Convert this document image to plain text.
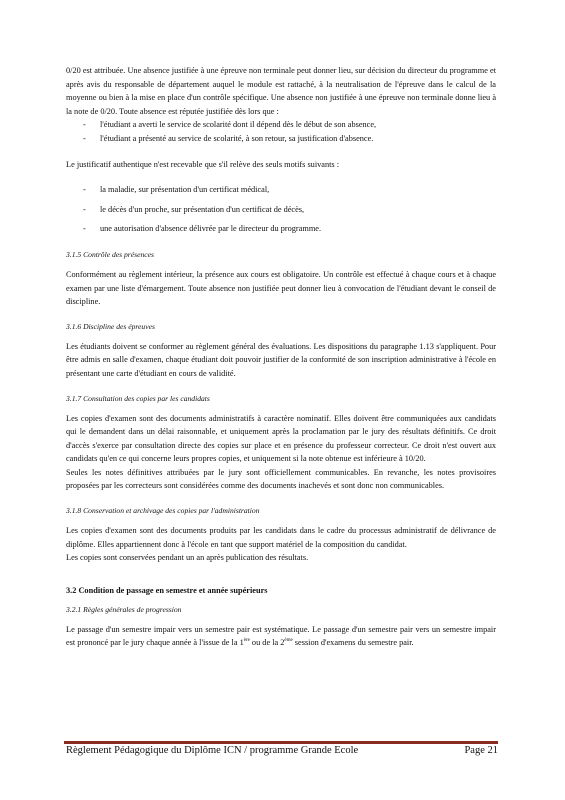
0/20 est attribuée. Une absence justifiée à une épreuve non terminale peut donner lieu, sur décision du directeur du programme et après avis du responsable de département auquel le module est rattaché, à la neutralisation de l'épreuve dans le calcul de la moyenne ou bien à la mise en place d'un contrôle spécifique. Une absence non justifiée à une épreuve non terminale donne lieu à la note de 0/20. Toute absence est réputée justifiée dès lors que :

- l'étudiant a averti le service de scolarité dont il dépend dès le début de son absence,
- l'étudiant a présenté au service de scolarité, à son retour, sa justification d'absence.

Le justificatif authentique n'est recevable que s'il relève des seuls motifs suivants :

- la maladie, sur présentation d'un certificat médical,
- le décès d'un proche, sur présentation d'un certificat de décès,
- une autorisation d'absence délivrée par le directeur du programme.
3.1.5 Contrôle des présences

Conformément au règlement intérieur, la présence aux cours est obligatoire. Un contrôle est effectué à chaque cours et à chaque examen par une liste d'émargement. Toute absence non justifiée peut donner lieu à convocation de l'étudiant devant le conseil de discipline.

3.1.6 Discipline des épreuves

Les étudiants doivent se conformer au règlement général des évaluations. Les dispositions du paragraphe 1.13 s'appliquent. Pour être admis en salle d'examen, chaque étudiant doit pouvoir justifier de la conformité de son inscription administrative à l'école en présentant une carte d'étudiant en cours de validité.

3.1.7 Consultation des copies par les candidats

Les copies d'examen sont des documents administratifs à caractère nominatif. Elles doivent être communiquées aux candidats qui le demandent dans un délai raisonnable, et uniquement après la proclamation par le jury des résultats définitifs. Ce droit d'accès s'exerce par consultation directe des copies sur place et en présence du professeur correcteur. Ce droit n'est ouvert aux candidats qu'en ce qui concerne leurs propres copies, et uniquement si la note obtenue est inférieure à 10/20.

Seules les notes définitives attribuées par le jury sont officiellement communicables. En revanche, les notes provisoires proposées par les correcteurs sont considérées comme des documents inachevés et sont donc non communicables.

3.1.8 Conservation et archivage des copies par l'administration

Les copies d'examen sont des documents produits par les candidats dans le cadre du processus administratif de délivrance de diplôme. Elles appartiennent donc à l'école en tant que support matériel de la composition du candidat.

Les copies sont conservées pendant un an après publication des résultats.

3.2 Condition de passage en semestre et année supérieurs
3.2.1 Règles générales de progression

Le passage d'un semestre impair vers un semestre pair est systématique. Le passage d'un semestre pair vers un semestre impair est prononcé par le jury chaque année à l'issue de la 1ère ou de la 2ème session d'examens du semestre pair.

Règlement Pédagogique du Diplôme ICN / programme Grande Ecole	Page 21
